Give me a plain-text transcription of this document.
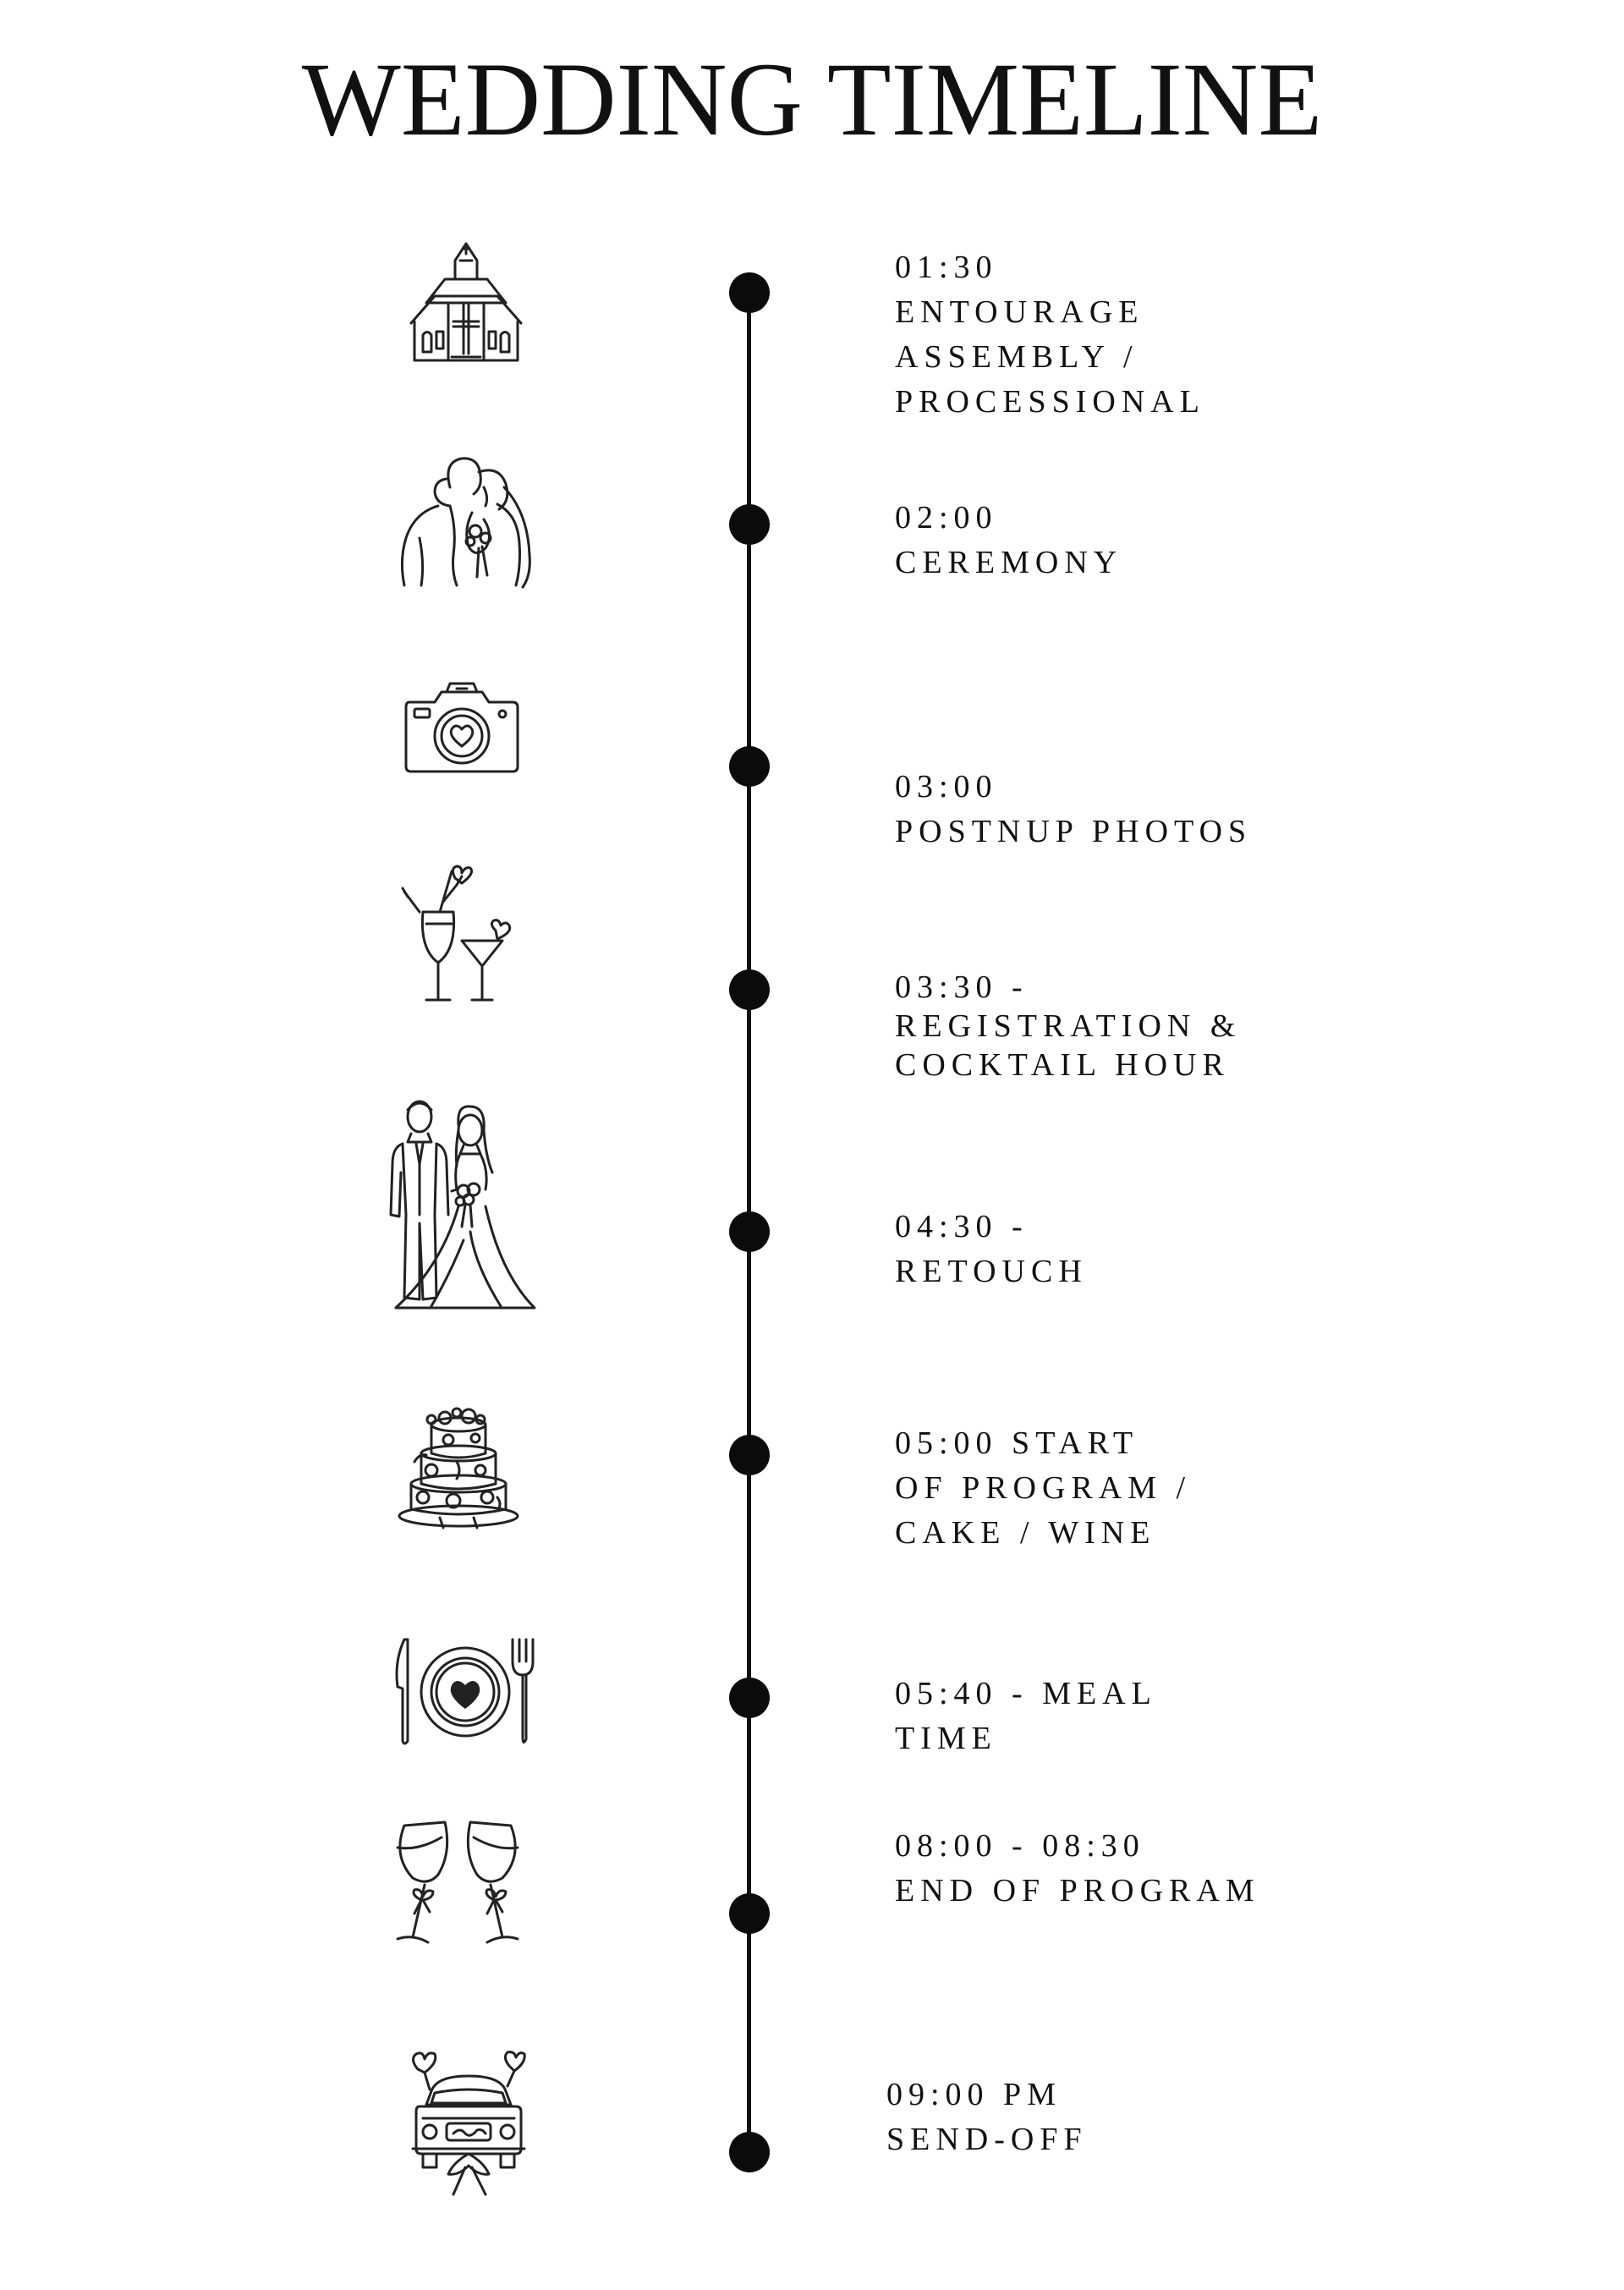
WEDDING TIMELINE
01:30
ENTOURAGE
ASSEMBLY /
PROCESSIONAL
02:00
CEREMONY
03:00
POSTNUP PHOTOS
03:30 -
REGISTRATION &
COCKTAIL HOUR
04:30 -
RETOUCH
05:00 START
OF PROGRAM /
CAKE / WINE
05:40 - MEAL
TIME
08:00 - 08:30
END OF PROGRAM
09:00 PM
SEND-OFF
